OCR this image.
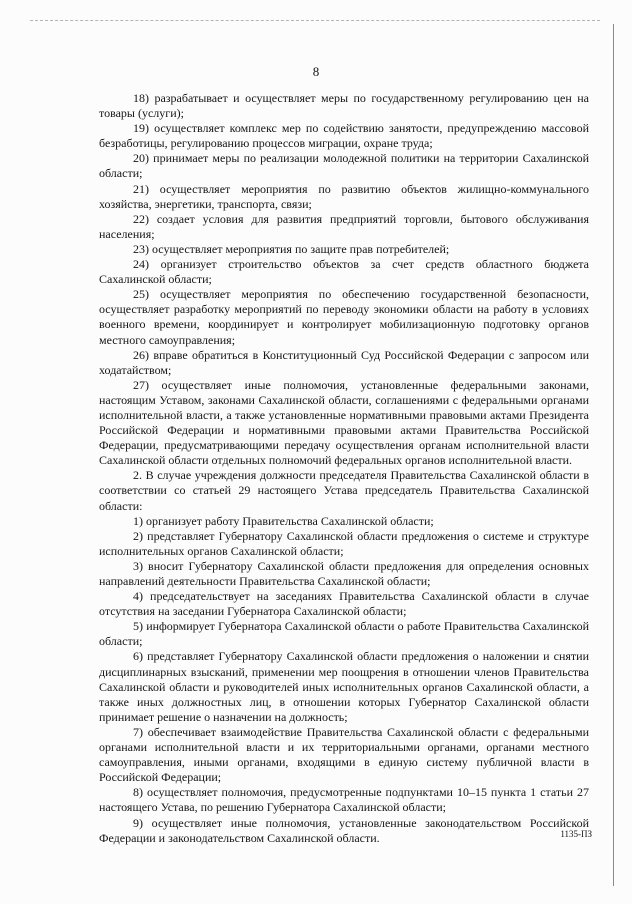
8

18) разрабатывает и осуществляет меры по государственному регулированию цен на товары (услуги);

19) осуществляет комплекс мер по содействию занятости, предупреждению массовой безработицы, регулированию процессов миграции, охране труда;

20) принимает меры по реализации молодежной политики на территории Сахалинской области;

21) осуществляет мероприятия по развитию объектов жилищно-коммунального хозяйства, энергетики, транспорта, связи;

22) создает условия для развития предприятий торговли, бытового обслуживания населения;

23) осуществляет мероприятия по защите прав потребителей;

24) организует строительство объектов за счет средств областного бюджета Сахалинской области;

25) осуществляет мероприятия по обеспечению государственной безопасности, осуществляет разработку мероприятий по переводу экономики области на работу в условиях военного времени, координирует и контролирует мобилизационную подготовку органов местного самоуправления;

26) вправе обратиться в Конституционный Суд Российской Федерации с запросом или ходатайством;

27) осуществляет иные полномочия, установленные федеральными законами, настоящим Уставом, законами Сахалинской области, соглашениями с федеральными органами исполнительной власти, а также установленные нормативными правовыми актами Президента Российской Федерации и нормативными правовыми актами Правительства Российской Федерации, предусматривающими передачу осуществления органам исполнительной власти Сахалинской области отдельных полномочий федеральных органов исполнительной власти.

2. В случае учреждения должности председателя Правительства Сахалинской области в соответствии со статьей 29 настоящего Устава председатель Правительства Сахалинской области:

1) организует работу Правительства Сахалинской области;

2) представляет Губернатору Сахалинской области предложения о системе и структуре исполнительных органов Сахалинской области;

3) вносит Губернатору Сахалинской области предложения для определения основных направлений деятельности Правительства Сахалинской области;

4) председательствует на заседаниях Правительства Сахалинской области в случае отсутствия на заседании Губернатора Сахалинской области;

5) информирует Губернатора Сахалинской области о работе Правительства Сахалинской области;

6) представляет Губернатору Сахалинской области предложения о наложении и снятии дисциплинарных взысканий, применении мер поощрения в отношении членов Правительства Сахалинской области и руководителей иных исполнительных органов Сахалинской области, а также иных должностных лиц, в отношении которых Губернатор Сахалинской области принимает решение о назначении на должность;

7) обеспечивает взаимодействие Правительства Сахалинской области с федеральными органами исполнительной власти и их территориальными органами, органами местного самоуправления, иными органами, входящими в единую систему публичной власти в Российской Федерации;

8) осуществляет полномочия, предусмотренные подпунктами 10–15 пункта 1 статьи 27 настоящего Устава, по решению Губернатора Сахалинской области;

9) осуществляет иные полномочия, установленные законодательством Российской Федерации и законодательством Сахалинской области.	1135-ПЗ
